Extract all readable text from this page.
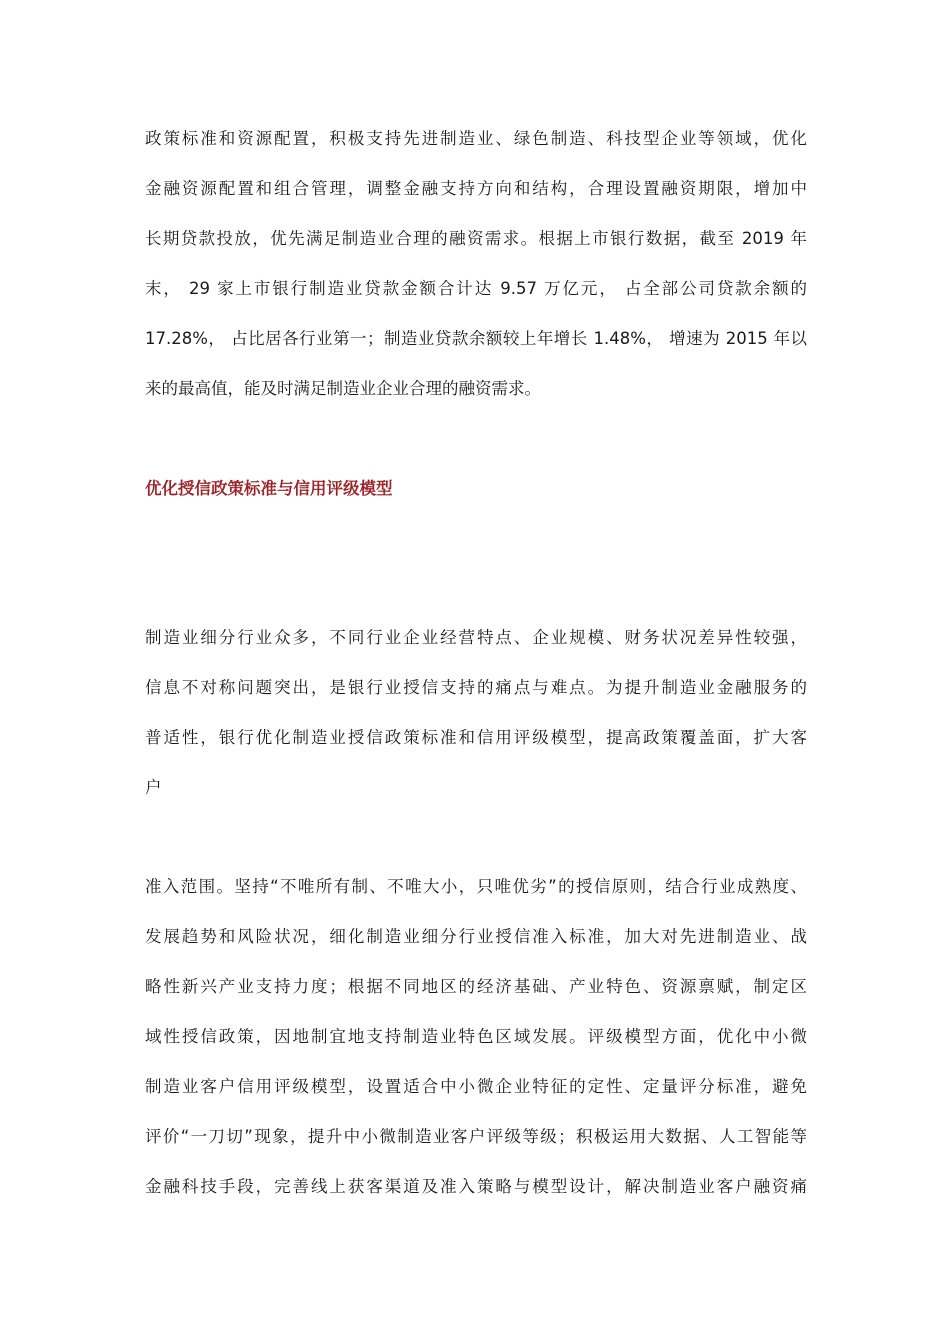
政策标准和资源配置，积极支持先进制造业、绿色制造、科技型企业等领域，优化
金融资源配置和组合管理，调整金融支持方向和结构，合理设置融资期限，增加中
长期贷款投放，优先满足制造业合理的融资需求。根据上市银行数据，截至 2019 年
末， 29 家上市银行制造业贷款金额合计达 9.57 万亿元， 占全部公司贷款余额的
17.28%， 占比居各行业第一；制造业贷款余额较上年增长 1.48%， 增速为 2015 年以
来的最高值，能及时满足制造业企业合理的融资需求。
优化授信政策标准与信用评级模型
制造业细分行业众多，不同行业企业经营特点、企业规模、财务状况差异性较强，
信息不对称问题突出，是银行业授信支持的痛点与难点。为提升制造业金融服务的
普适性，银行优化制造业授信政策标准和信用评级模型，提高政策覆盖面，扩大客
户
准入范围。坚持“不唯所有制、不唯大小，只唯优劣”的授信原则，结合行业成熟度、
发展趋势和风险状况，细化制造业细分行业授信准入标准，加大对先进制造业、战
略性新兴产业支持力度；根据不同地区的经济基础、产业特色、资源禀赋，制定区
域性授信政策，因地制宜地支持制造业特色区域发展。评级模型方面，优化中小微
制造业客户信用评级模型，设置适合中小微企业特征的定性、定量评分标准，避免
评价“一刀切”现象，提升中小微制造业客户评级等级；积极运用大数据、人工智能等
金融科技手段，完善线上获客渠道及准入策略与模型设计，解决制造业客户融资痛
